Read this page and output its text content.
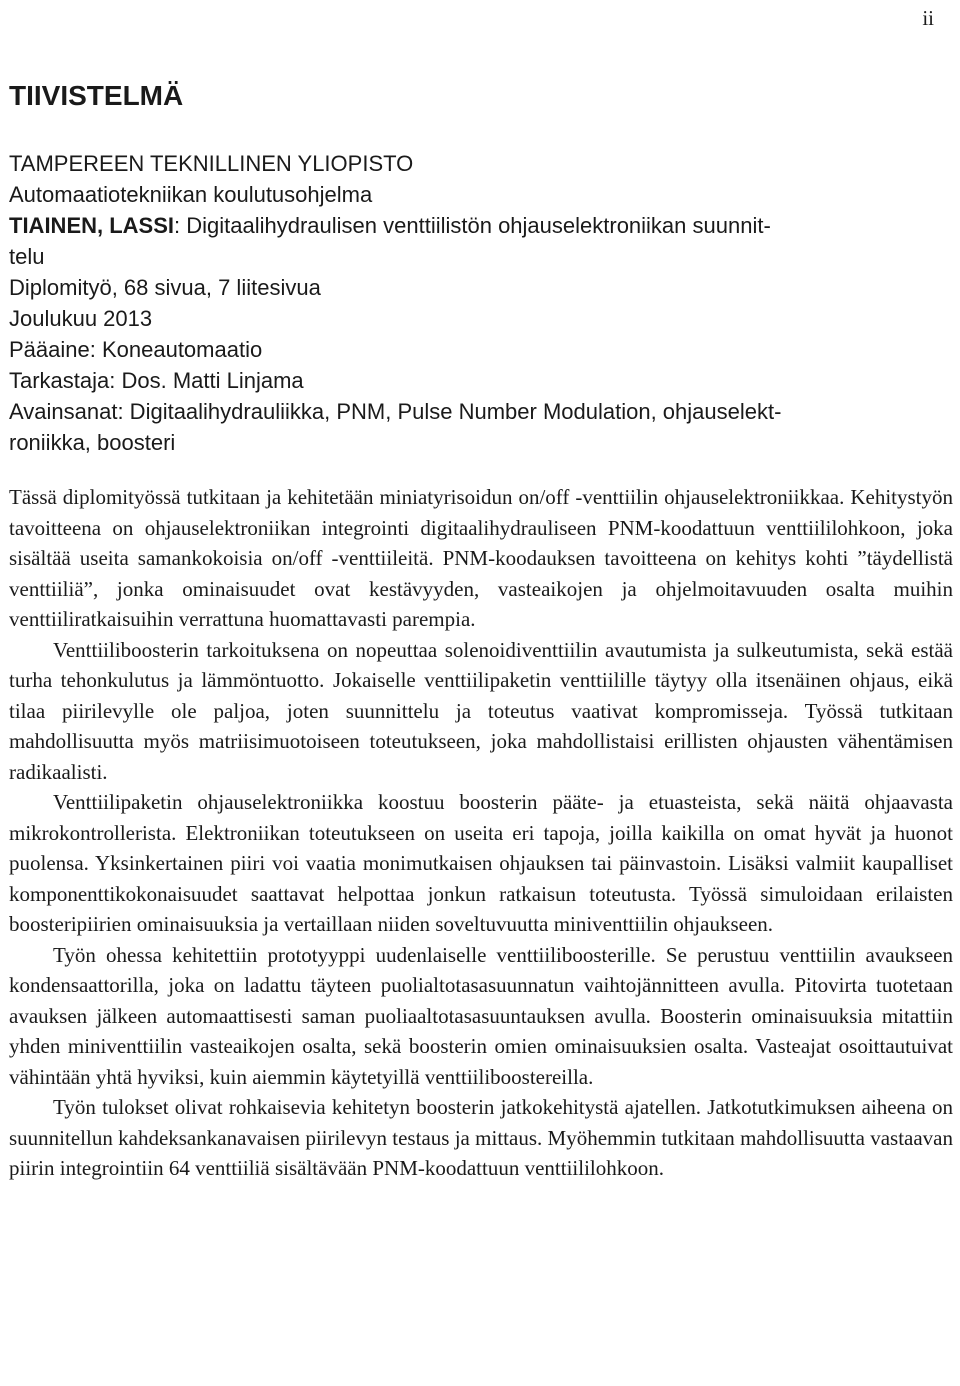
ii
TIIVISTELMÄ
TAMPEREEN TEKNILLINEN YLIOPISTO
Automaatiotekniikan koulutusohjelma
TIAINEN, LASSI: Digitaalihydraulisen venttiilistön ohjauselektroniikan suunnit-
telu
Diplomityö, 68 sivua, 7 liitesivua
Joulukuu 2013
Pääaine: Koneautomaatio
Tarkastaja: Dos. Matti Linjama
Avainsanat: Digitaalihydrauliikka, PNM, Pulse Number Modulation, ohjauselekt-
roniikka, boosteri

Tässä diplomityössä tutkitaan ja kehitetään miniatyrisoidun on/off -venttiilin ohjauselektroniikkaa. Kehitystyön tavoitteena on ohjauselektroniikan integrointi digitaalihydrauliseen PNM-koodattuun venttiililohkoon, joka sisältää useita samankokoisia on/off -venttiileitä. PNM-koodauksen tavoitteena on kehitys kohti ”täydellistä venttiiliä”, jonka ominaisuudet ovat kestävyyden, vasteaikojen ja ohjelmoitavuuden osalta muihin venttiiliratkaisuihin verrattuna huomattavasti parempia.

Venttiiliboosterin tarkoituksena on nopeuttaa solenoidiventtiilin avautumista ja sulkeutumista, sekä estää turha tehonkulutus ja lämmöntuotto. Jokaiselle venttiilipaketin venttiilille täytyy olla itsenäinen ohjaus, eikä tilaa piirilevylle ole paljoa, joten suunnittelu ja toteutus vaativat kompromisseja. Työssä tutkitaan mahdollisuutta myös matriisimuotoiseen toteutukseen, joka mahdollistaisi erillisten ohjausten vähentämisen radikaalisti.

Venttiilipaketin ohjauselektroniikka koostuu boosterin pääte- ja etuasteista, sekä näitä ohjaavasta mikrokontrollerista. Elektroniikan toteutukseen on useita eri tapoja, joilla kaikilla on omat hyvät ja huonot puolensa. Yksinkertainen piiri voi vaatia monimutkaisen ohjauksen tai päinvastoin. Lisäksi valmiit kaupalliset komponenttikokonaisuudet saattavat helpottaa jonkun ratkaisun toteutusta. Työssä simuloidaan erilaisten boosteripiirien ominaisuuksia ja vertaillaan niiden soveltuvuutta miniventtiilin ohjaukseen.

Työn ohessa kehitettiin prototyyppi uudenlaiselle venttiiliboosterille. Se perustuu venttiilin avaukseen kondensaattorilla, joka on ladattu täyteen puolialtotasasuunnatun vaihtojännitteen avulla. Pitovirta tuotetaan avauksen jälkeen automaattisesti saman puoliaaltotasasuuntauksen avulla. Boosterin ominaisuuksia mitattiin yhden miniventtiilin vasteaikojen osalta, sekä boosterin omien ominaisuuksien osalta. Vasteajat osoittautuivat vähintään yhtä hyviksi, kuin aiemmin käytetyillä venttiiliboostereilla.

Työn tulokset olivat rohkaisevia kehitetyn boosterin jatkokehitystä ajatellen. Jatkotutkimuksen aiheena on suunnitellun kahdeksankanavaisen piirilevyn testaus ja mittaus. Myöhemmin tutkitaan mahdollisuutta vastaavan piirin integrointiin 64 venttiiliä sisältävään PNM-koodattuun venttiililohkoon.
